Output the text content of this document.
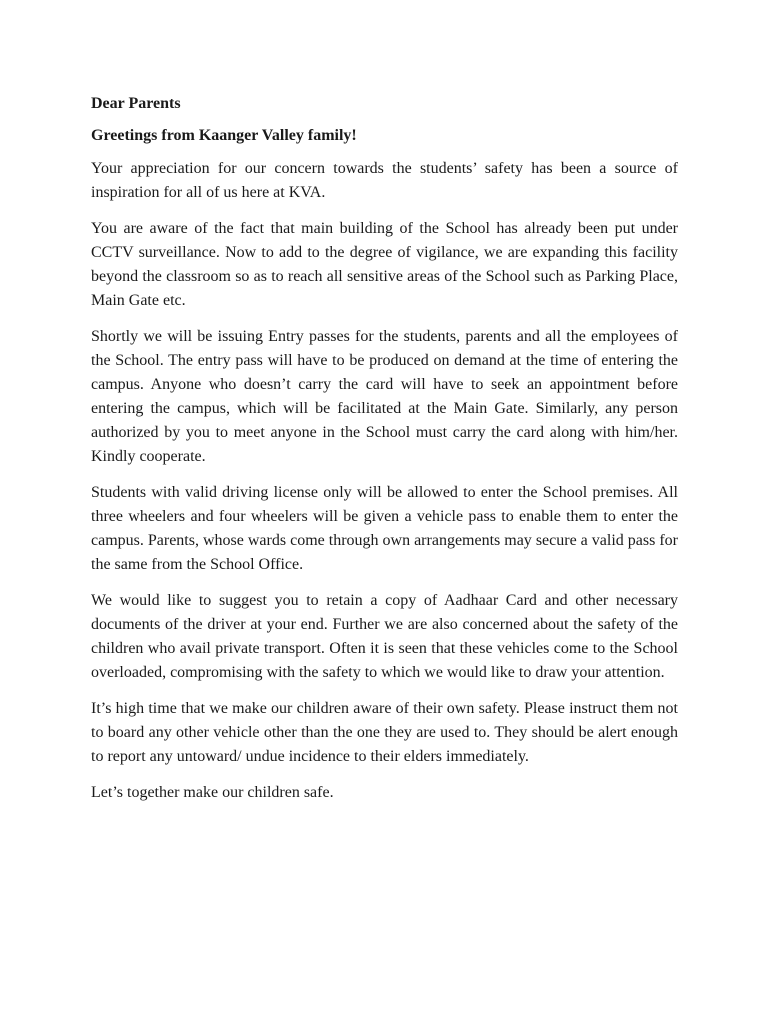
Dear Parents

Greetings from Kaanger Valley family!

Your appreciation for our concern towards the students’ safety has been a source of inspiration for all of us here at KVA.

You are aware of the fact that main building of the School has already been put under CCTV surveillance. Now to add to the degree of vigilance, we are expanding this facility beyond the classroom so as to reach all sensitive areas of the School such as Parking Place, Main Gate etc.

Shortly we will be issuing Entry passes for the students, parents and all the employees of the School. The entry pass will have to be produced on demand at the time of entering the campus. Anyone who doesn’t carry the card will have to seek an appointment before entering the campus, which will be facilitated at the Main Gate. Similarly, any person authorized by you to meet anyone in the School must carry the card along with him/her. Kindly cooperate.

Students with valid driving license only will be allowed to enter the School premises. All three wheelers and four wheelers will be given a vehicle pass to enable them to enter the campus. Parents, whose wards come through own arrangements may secure a valid pass for the same from the School Office.

We would like to suggest you to retain a copy of Aadhaar Card and other necessary documents of the driver at your end. Further we are also concerned about the safety of the children who avail private transport. Often it is seen that these vehicles come to the School overloaded, compromising with the safety to which we would like to draw your attention.

It’s high time that we make our children aware of their own safety. Please instruct them not to board any other vehicle other than the one they are used to. They should be alert enough to report any untoward/ undue incidence to their elders immediately.

Let’s together make our children safe.
